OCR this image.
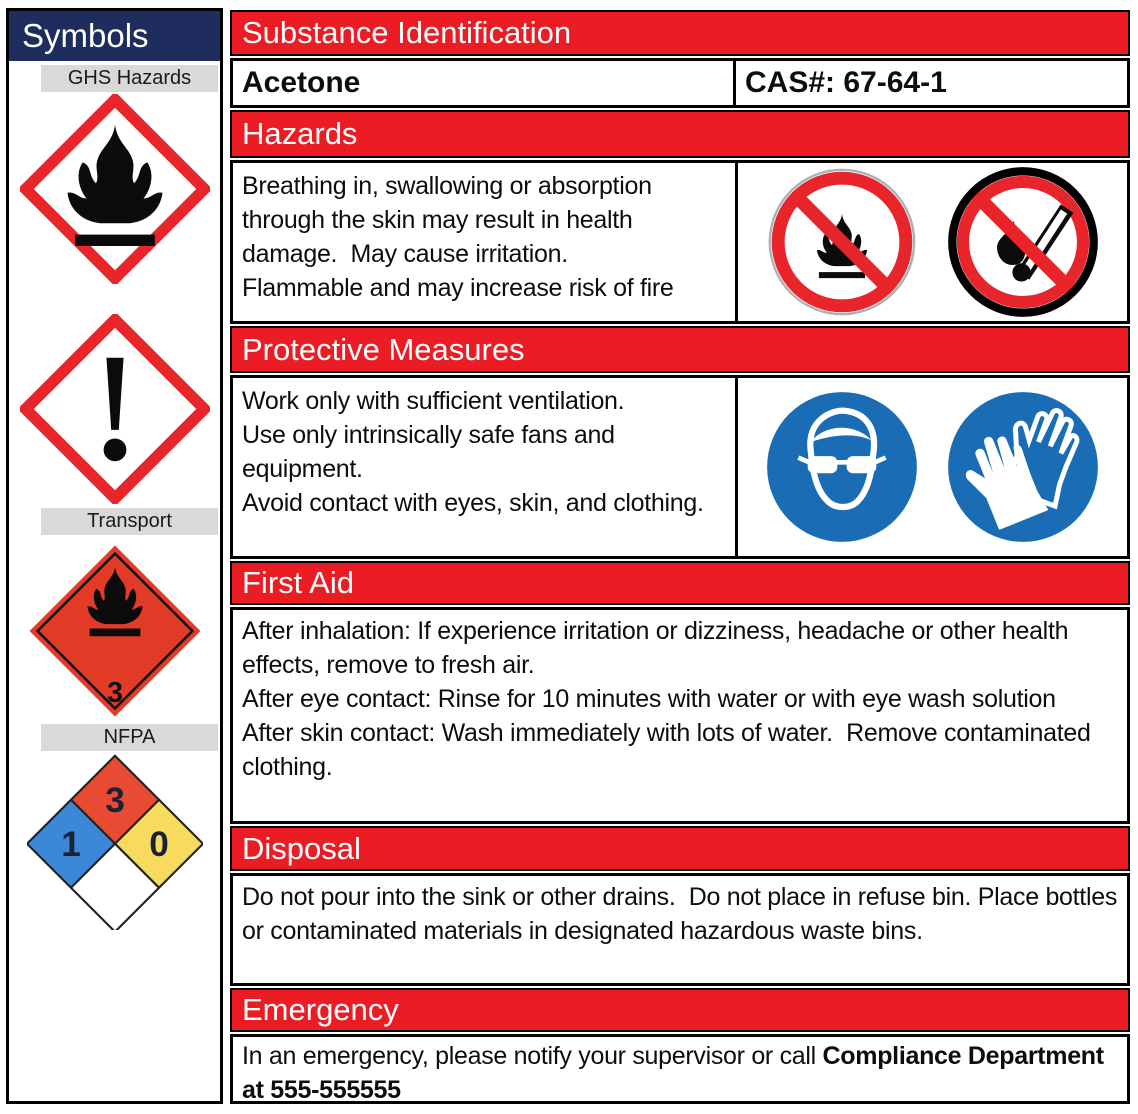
Symbols
GHS Hazards
Transport
3
NFPA
3
1	0
Substance Identification
Acetone	CAS#: 67-64-1
Hazards

Breathing in, swallowing or absorption through the skin may result in health damage.  May cause irritation.

Flammable and may increase risk of fire

Protective Measures

Work only with sufficient ventilation.

Use only intrinsically safe fans and equipment.

Avoid contact with eyes, skin, and clothing.

First Aid

After inhalation: If experience irritation or dizziness, headache or other health effects, remove to fresh air.

After eye contact: Rinse for 10 minutes with water or with eye wash solution

After skin contact: Wash immediately with lots of water.  Remove contaminated clothing.

Disposal

Do not pour into the sink or other drains.  Do not place in refuse bin. Place bottles or contaminated materials in designated hazardous waste bins.

Emergency

In an emergency, please notify your supervisor or call Compliance Department at 555-555555
